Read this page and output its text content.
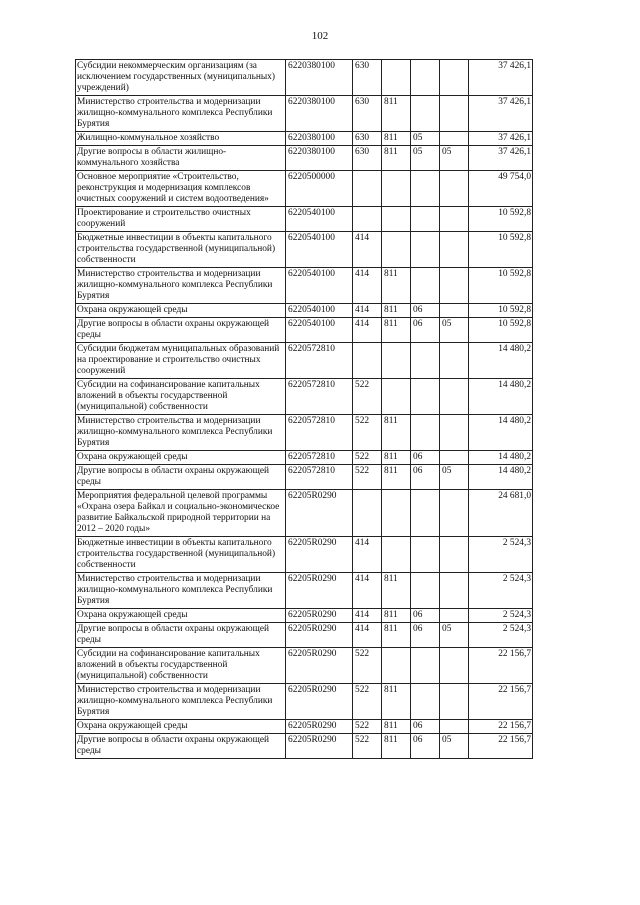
102
Субсидии некоммерческим организациям (за исключением государственных (муниципальных) учреждений)	6220380100	630				37 426,1
Министерство строительства и модернизации жилищно-коммунального комплекса Республики Бурятия	6220380100	630	811			37 426,1
Жилищно-коммунальное хозяйство	6220380100	630	811	05		37 426,1
Другие вопросы в области жилищно-коммунального хозяйства	6220380100	630	811	05	05	37 426,1
Основное мероприятие «Строительство, реконструкция и модернизация комплексов очистных сооружений и систем водоотведения»	6220500000					49 754,0
Проектирование и строительство очистных сооружений	6220540100					10 592,8
Бюджетные инвестиции в объекты капитального строительства государственной (муниципальной) собственности	6220540100	414				10 592,8
Министерство строительства и модернизации жилищно-коммунального комплекса Республики Бурятия	6220540100	414	811			10 592,8
Охрана окружающей среды	6220540100	414	811	06		10 592,8
Другие вопросы в области охраны окружающей среды	6220540100	414	811	06	05	10 592,8
Субсидии бюджетам муниципальных образований на проектирование и строительство очистных сооружений	6220572810					14 480,2
Субсидии на софинансирование капитальных вложений в объекты государственной (муниципальной) собственности	6220572810	522				14 480,2
Министерство строительства и модернизации жилищно-коммунального комплекса Республики Бурятия	6220572810	522	811			14 480,2
Охрана окружающей среды	6220572810	522	811	06		14 480,2
Другие вопросы в области охраны окружающей среды	6220572810	522	811	06	05	14 480,2
Мероприятия федеральной целевой программы «Охрана озера Байкал и социально-экономическое развитие Байкальской природной территории на 2012 – 2020 годы»	62205R0290					24 681,0
Бюджетные инвестиции в объекты капитального строительства государственной (муниципальной) собственности	62205R0290	414				2 524,3
Министерство строительства и модернизации жилищно-коммунального комплекса Республики Бурятия	62205R0290	414	811			2 524,3
Охрана окружающей среды	62205R0290	414	811	06		2 524,3
Другие вопросы в области охраны окружающей среды	62205R0290	414	811	06	05	2 524,3
Субсидии на софинансирование капитальных вложений в объекты государственной (муниципальной) собственности	62205R0290	522				22 156,7
Министерство строительства и модернизации жилищно-коммунального комплекса Республики Бурятия	62205R0290	522	811			22 156,7
Охрана окружающей среды	62205R0290	522	811	06		22 156,7
Другие вопросы в области охраны окружающей среды	62205R0290	522	811	06	05	22 156,7
